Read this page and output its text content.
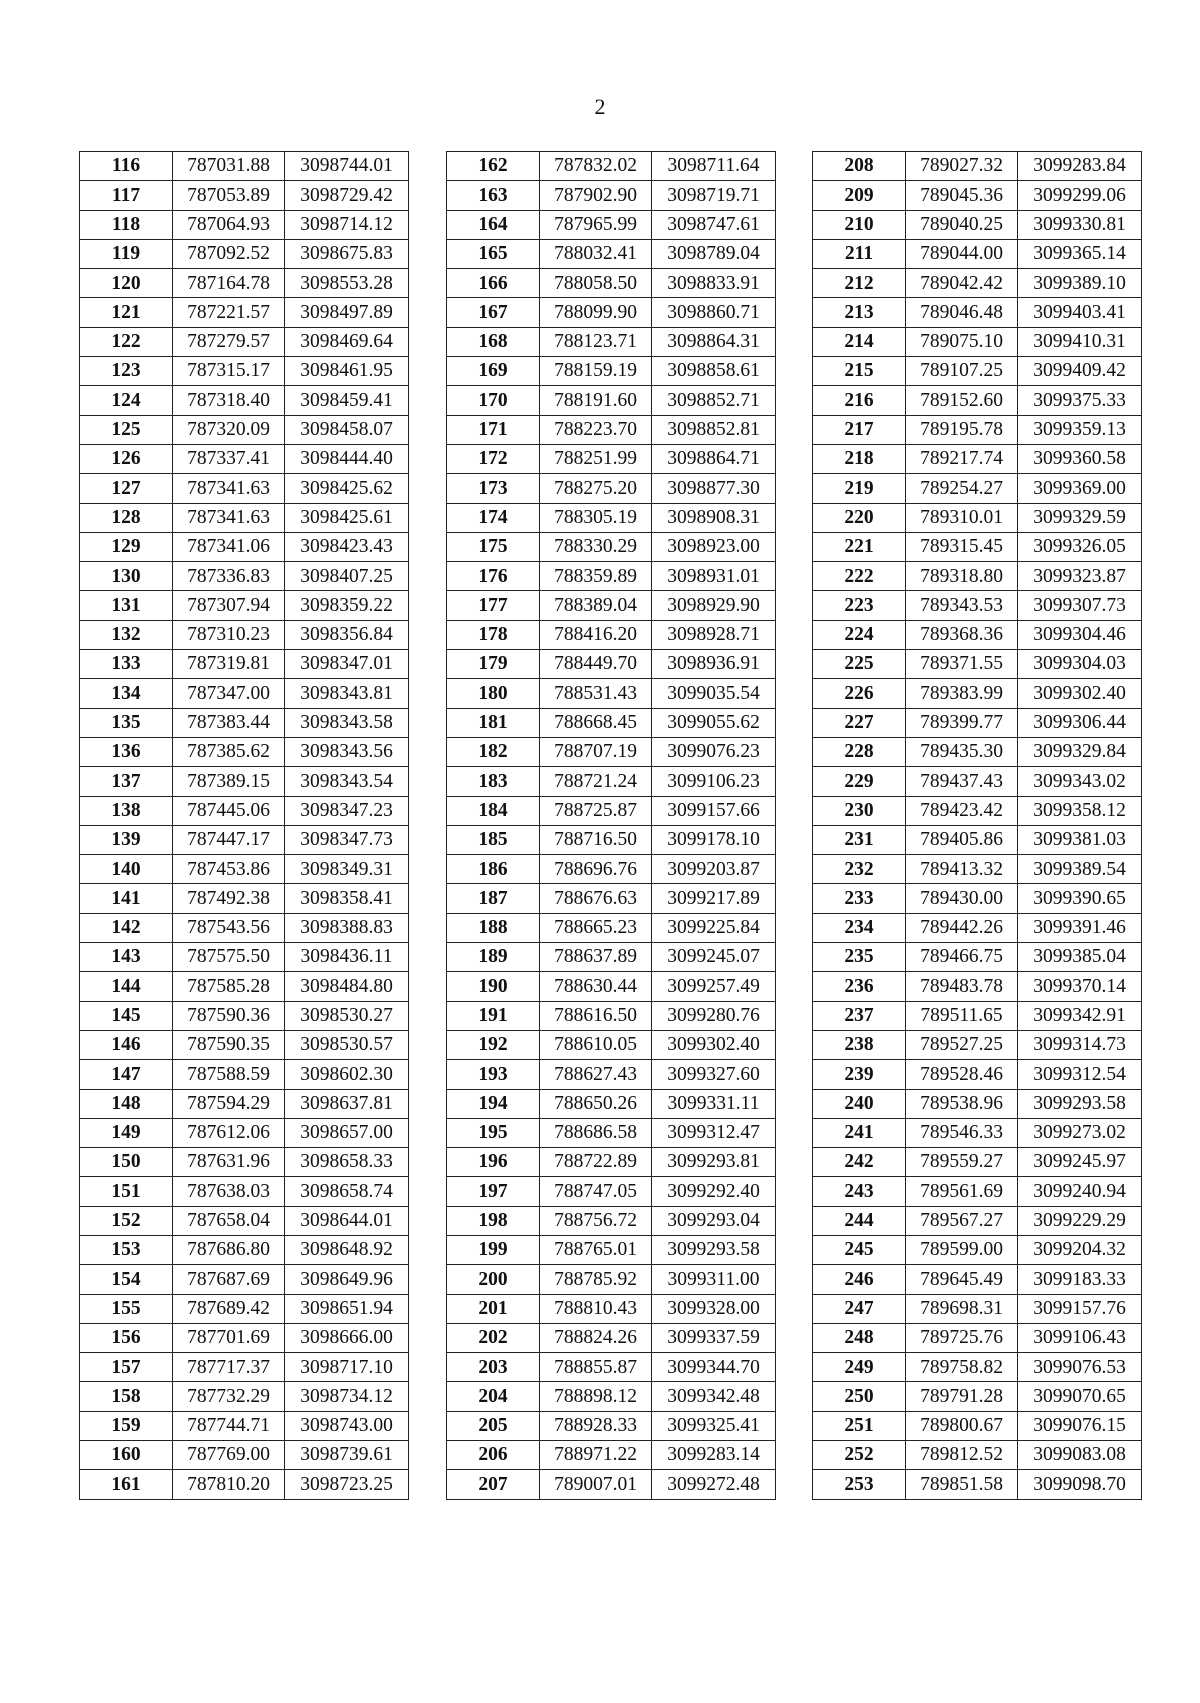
2
116	787031.88	3098744.01
117	787053.89	3098729.42
118	787064.93	3098714.12
119	787092.52	3098675.83
120	787164.78	3098553.28
121	787221.57	3098497.89
122	787279.57	3098469.64
123	787315.17	3098461.95
124	787318.40	3098459.41
125	787320.09	3098458.07
126	787337.41	3098444.40
127	787341.63	3098425.62
128	787341.63	3098425.61
129	787341.06	3098423.43
130	787336.83	3098407.25
131	787307.94	3098359.22
132	787310.23	3098356.84
133	787319.81	3098347.01
134	787347.00	3098343.81
135	787383.44	3098343.58
136	787385.62	3098343.56
137	787389.15	3098343.54
138	787445.06	3098347.23
139	787447.17	3098347.73
140	787453.86	3098349.31
141	787492.38	3098358.41
142	787543.56	3098388.83
143	787575.50	3098436.11
144	787585.28	3098484.80
145	787590.36	3098530.27
146	787590.35	3098530.57
147	787588.59	3098602.30
148	787594.29	3098637.81
149	787612.06	3098657.00
150	787631.96	3098658.33
151	787638.03	3098658.74
152	787658.04	3098644.01
153	787686.80	3098648.92
154	787687.69	3098649.96
155	787689.42	3098651.94
156	787701.69	3098666.00
157	787717.37	3098717.10
158	787732.29	3098734.12
159	787744.71	3098743.00
160	787769.00	3098739.61
161	787810.20	3098723.25
162	787832.02	3098711.64
163	787902.90	3098719.71
164	787965.99	3098747.61
165	788032.41	3098789.04
166	788058.50	3098833.91
167	788099.90	3098860.71
168	788123.71	3098864.31
169	788159.19	3098858.61
170	788191.60	3098852.71
171	788223.70	3098852.81
172	788251.99	3098864.71
173	788275.20	3098877.30
174	788305.19	3098908.31
175	788330.29	3098923.00
176	788359.89	3098931.01
177	788389.04	3098929.90
178	788416.20	3098928.71
179	788449.70	3098936.91
180	788531.43	3099035.54
181	788668.45	3099055.62
182	788707.19	3099076.23
183	788721.24	3099106.23
184	788725.87	3099157.66
185	788716.50	3099178.10
186	788696.76	3099203.87
187	788676.63	3099217.89
188	788665.23	3099225.84
189	788637.89	3099245.07
190	788630.44	3099257.49
191	788616.50	3099280.76
192	788610.05	3099302.40
193	788627.43	3099327.60
194	788650.26	3099331.11
195	788686.58	3099312.47
196	788722.89	3099293.81
197	788747.05	3099292.40
198	788756.72	3099293.04
199	788765.01	3099293.58
200	788785.92	3099311.00
201	788810.43	3099328.00
202	788824.26	3099337.59
203	788855.87	3099344.70
204	788898.12	3099342.48
205	788928.33	3099325.41
206	788971.22	3099283.14
207	789007.01	3099272.48
208	789027.32	3099283.84
209	789045.36	3099299.06
210	789040.25	3099330.81
211	789044.00	3099365.14
212	789042.42	3099389.10
213	789046.48	3099403.41
214	789075.10	3099410.31
215	789107.25	3099409.42
216	789152.60	3099375.33
217	789195.78	3099359.13
218	789217.74	3099360.58
219	789254.27	3099369.00
220	789310.01	3099329.59
221	789315.45	3099326.05
222	789318.80	3099323.87
223	789343.53	3099307.73
224	789368.36	3099304.46
225	789371.55	3099304.03
226	789383.99	3099302.40
227	789399.77	3099306.44
228	789435.30	3099329.84
229	789437.43	3099343.02
230	789423.42	3099358.12
231	789405.86	3099381.03
232	789413.32	3099389.54
233	789430.00	3099390.65
234	789442.26	3099391.46
235	789466.75	3099385.04
236	789483.78	3099370.14
237	789511.65	3099342.91
238	789527.25	3099314.73
239	789528.46	3099312.54
240	789538.96	3099293.58
241	789546.33	3099273.02
242	789559.27	3099245.97
243	789561.69	3099240.94
244	789567.27	3099229.29
245	789599.00	3099204.32
246	789645.49	3099183.33
247	789698.31	3099157.76
248	789725.76	3099106.43
249	789758.82	3099076.53
250	789791.28	3099070.65
251	789800.67	3099076.15
252	789812.52	3099083.08
253	789851.58	3099098.70
